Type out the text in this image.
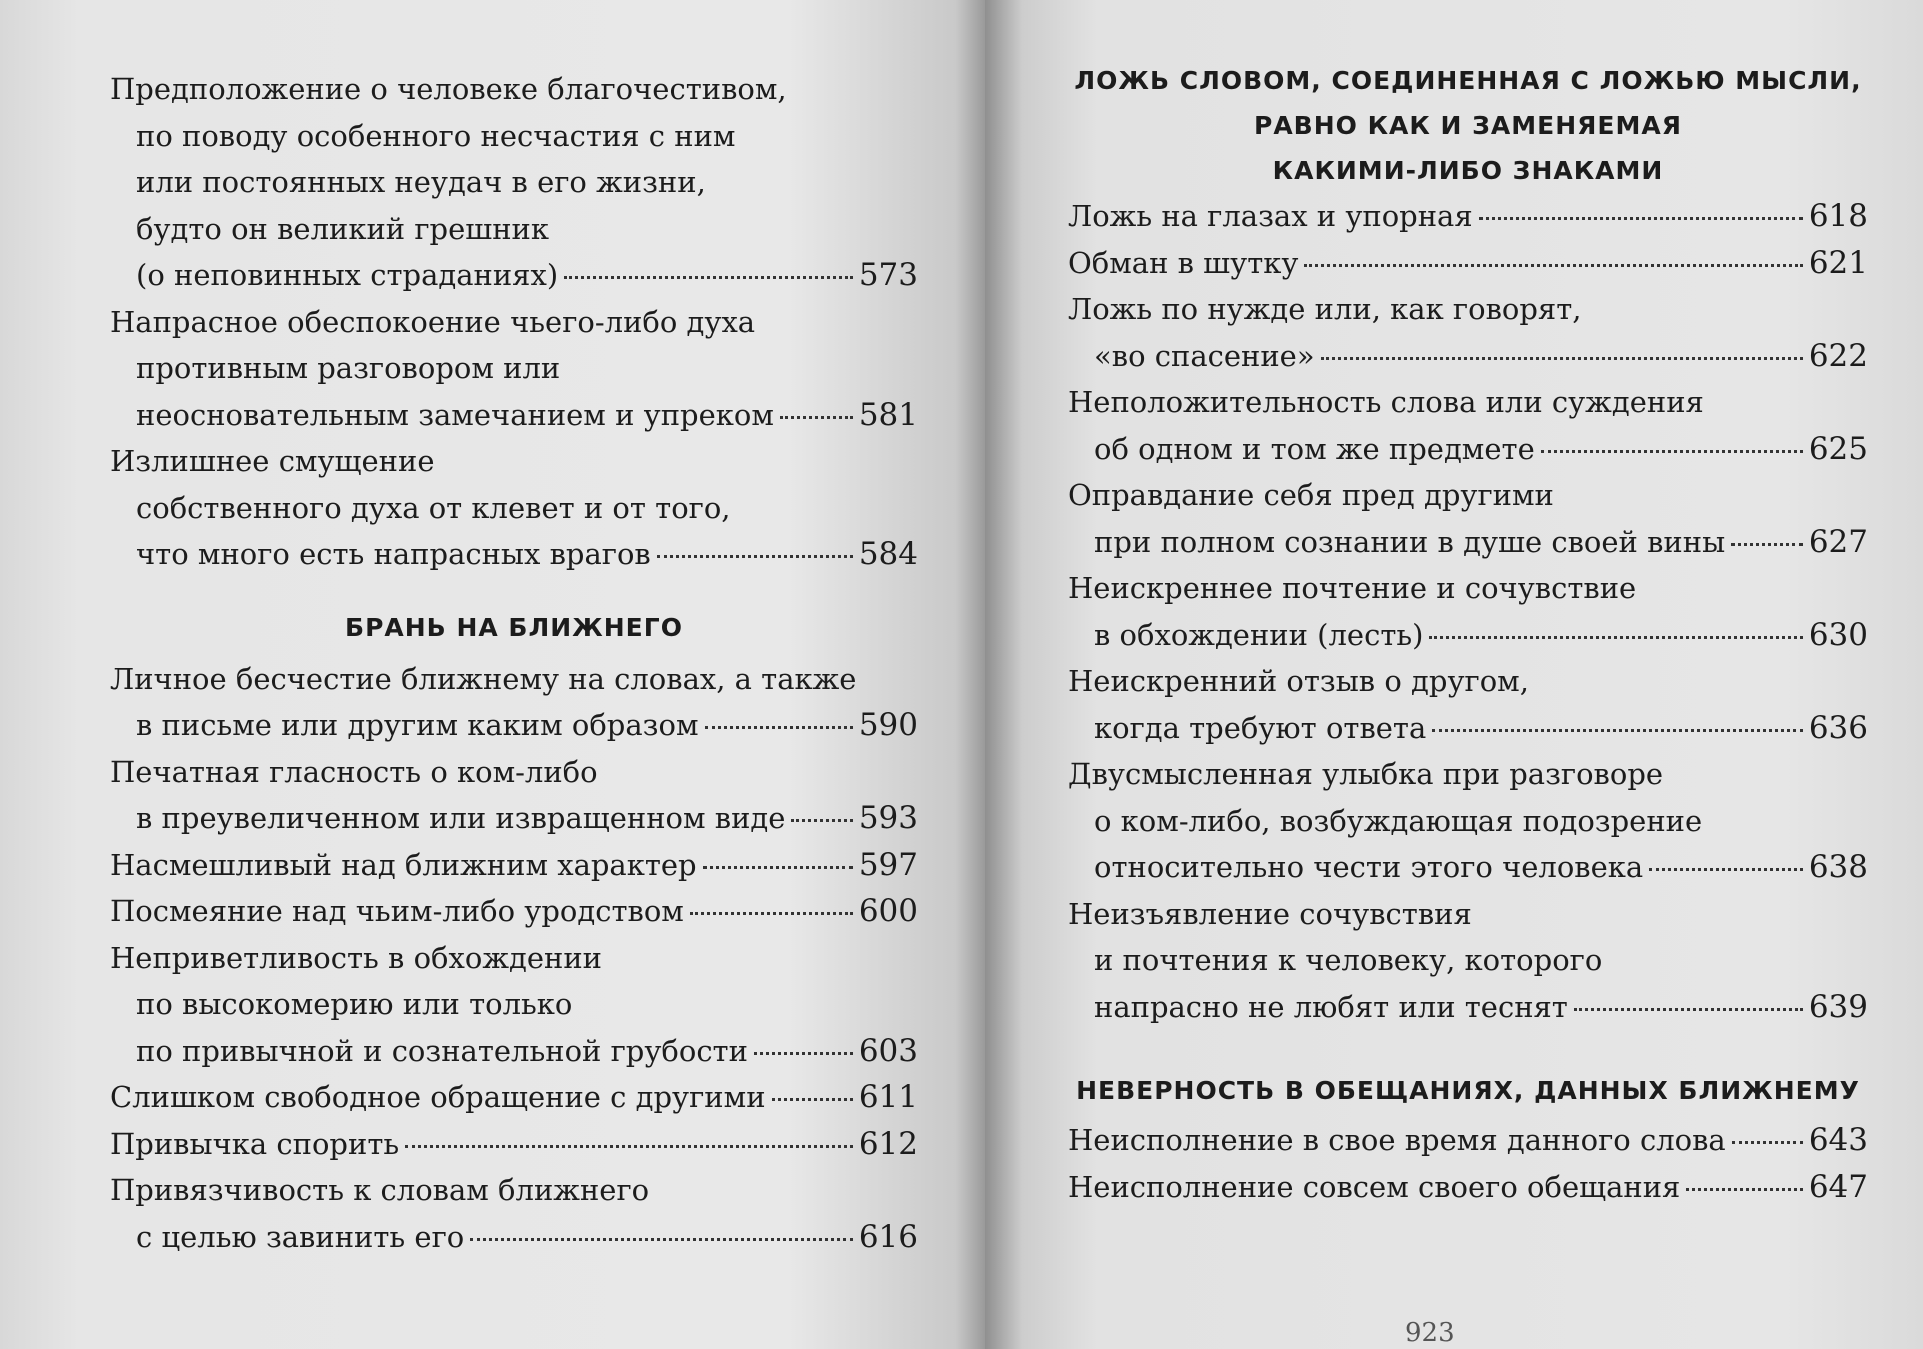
Предположение о человеке благочестивом,
по поводу особенного несчастия с ним
или постоянных неудач в его жизни,
будто он великий грешник
(о неповинных страданиях)	573
Напрасное обеспокоение чьего-либо духа
противным разговором или
неосновательным замечанием и упреком	581
Излишнее смущение
собственного духа от клевет и от того,
что много есть напрасных врагов	584
БРАНЬ НА БЛИЖНЕГО
Личное бесчестие ближнему на словах, а также
в письме или другим каким образом	590
Печатная гласность о ком-либо
в преувеличенном или извращенном виде 593
Насмешливый над ближним характер	597
Посмеяние над чьим-либо уродством	600
Неприветливость в обхождении
по высокомерию или только
по привычной и сознательной грубости	603
Слишком свободное обращение с другими	611
Привычка спорить	612
Привязчивость к словам ближнего
с целью завинить его	616
ЛОЖЬ СЛОВОМ, СОЕДИНЕННАЯ С ЛОЖЬЮ МЫСЛИ,
РАВНО КАК И ЗАМЕНЯЕМАЯ
КАКИМИ-ЛИБО ЗНАКАМИ
Ложь на глазах и упорная	618
Обман в шутку	621
Ложь по нужде или, как говорят,
«во спасение»	622
Неположительность слова или суждения
об одном и том же предмете	625
Оправдание себя пред другими
при полном сознании в душе своей вины	627
Неискреннее почтение и сочувствие
в обхождении (лесть)	630
Неискренний отзыв о другом,
когда требуют ответа	636
Двусмысленная улыбка при разговоре
о ком-либо, возбуждающая подозрение
относительно чести этого человека	638
Неизъявление сочувствия
и почтения к человеку, которого
напрасно не любят или теснят	639
НЕВЕРНОСТЬ В ОБЕЩАНИЯХ, ДАННЫХ БЛИЖНЕМУ
Неисполнение в свое время данного слова	643
Неисполнение совсем своего обещания	647
923
